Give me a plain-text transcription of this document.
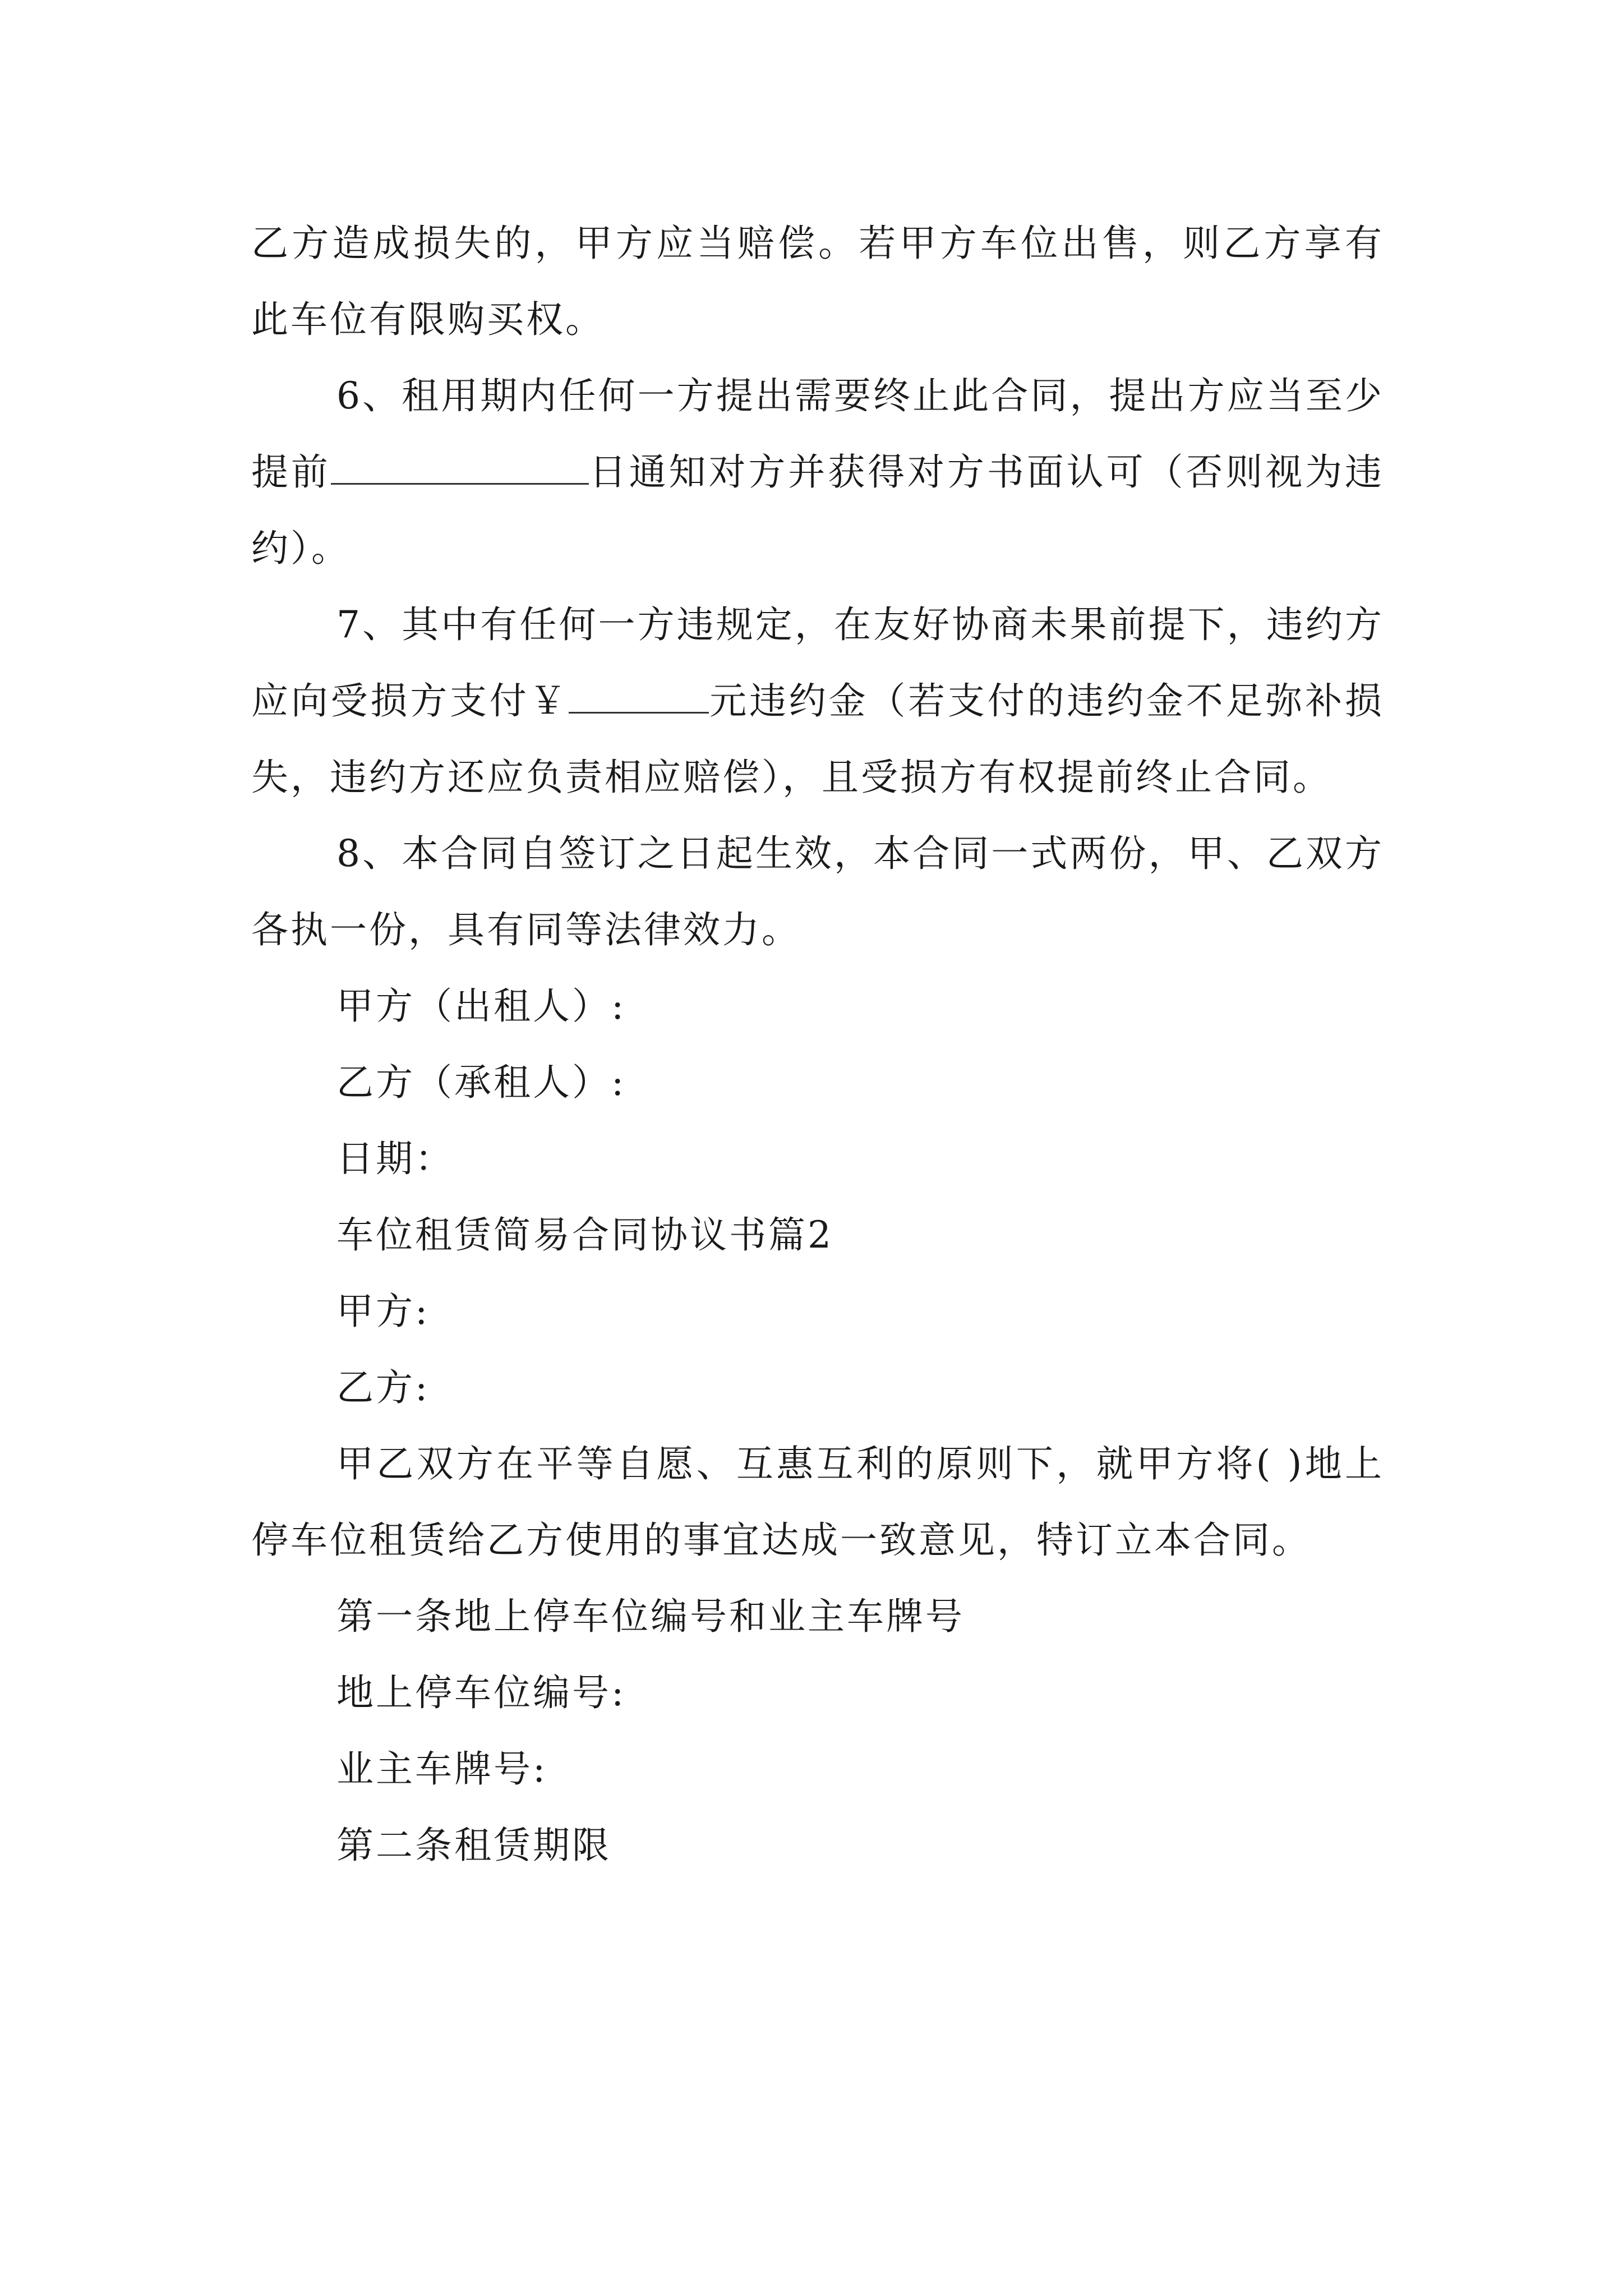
乙方造成损失的，甲方应当赔偿。若甲方车位出售，则乙方享有此车位有限购买权。

6、租用期内任何一方提出需要终止此合同，提出方应当至少提前	日通知对方并获得对方书面认可（否则视为违约）。

7、其中有任何一方违规定，在友好协商未果前提下，违约方应向受损方支付￥	元违约金（若支付的违约金不足弥补损失，违约方还应负责相应赔偿），且受损方有权提前终止合同。

8、本合同自签订之日起生效，本合同一式两份，甲、乙双方各执一份，具有同等法律效力。

甲方（出租人）:

乙方（承租人）:

日期：

车位租赁简易合同协议书篇2

甲方:

乙方:

甲乙双方在平等自愿、互惠互利的原则下，就甲方将( )地上停车位租赁给乙方使用的事宜达成一致意见，特订立本合同。

第一条地上停车位编号和业主车牌号

地上停车位编号:

业主车牌号:

第二条租赁期限
